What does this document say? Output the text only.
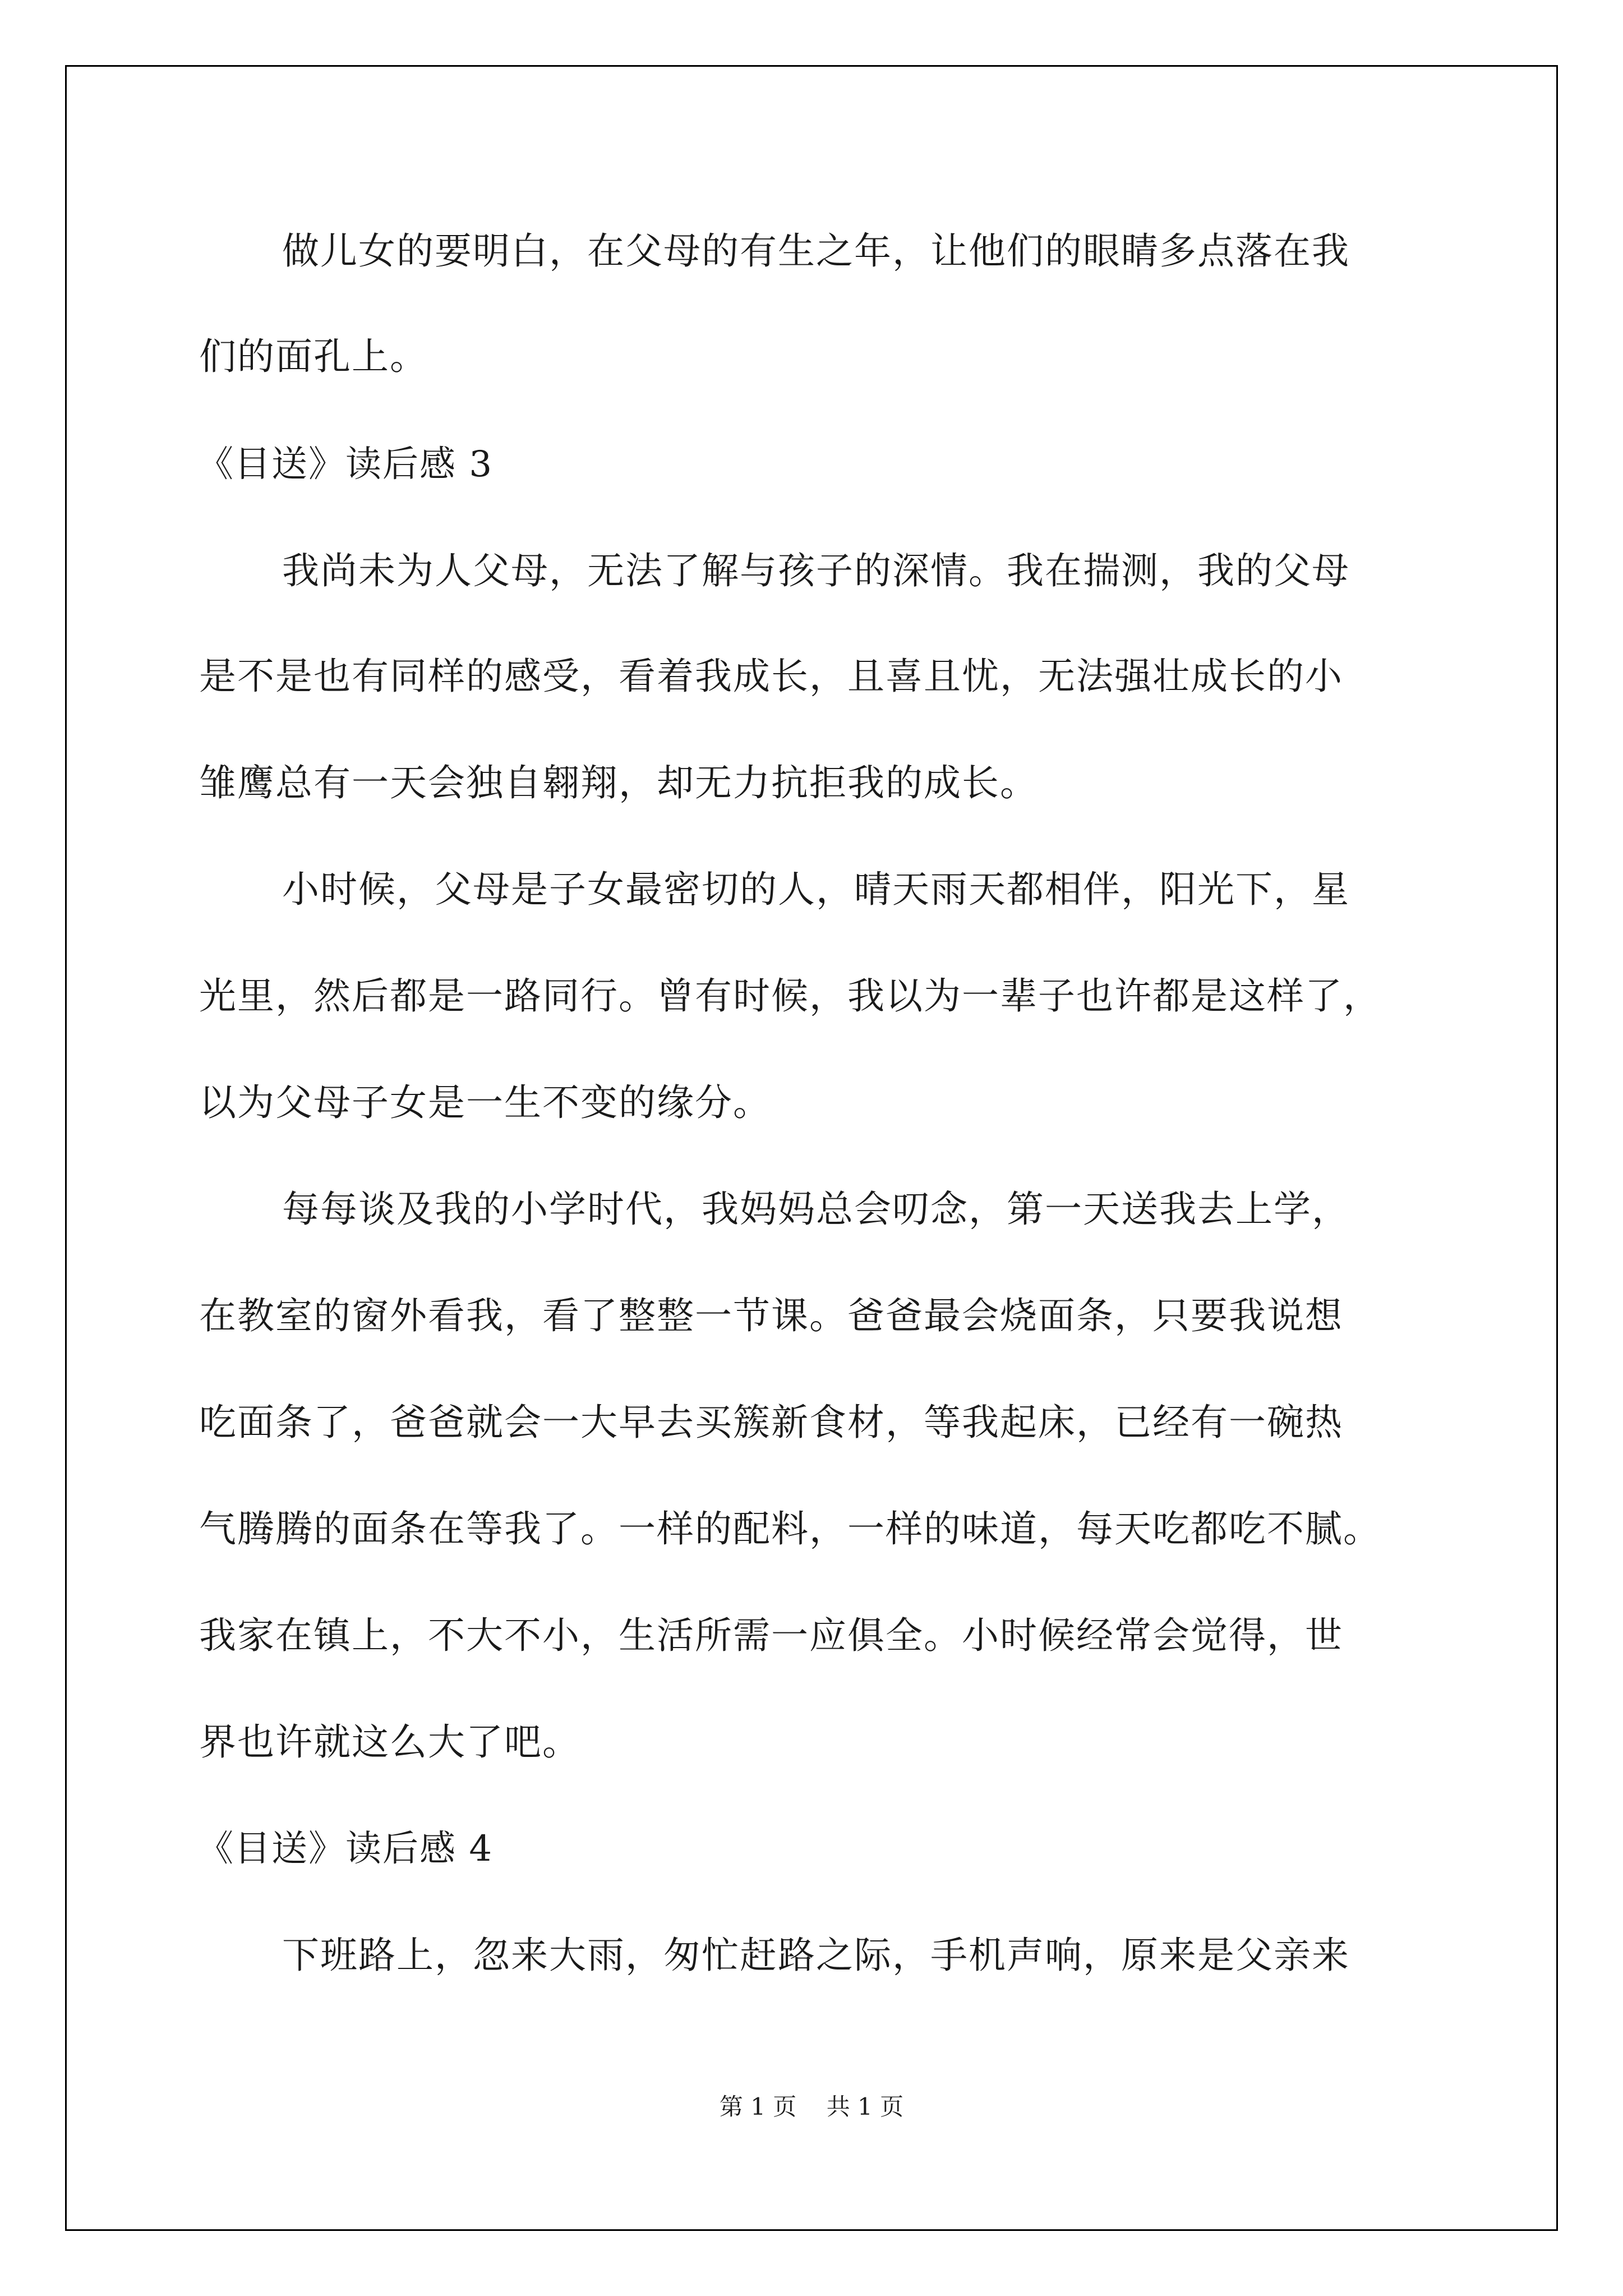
做儿女的要明白，在父母的有生之年，让他们的眼睛多点落在我
们的面孔上。
《目送》读后感 3
我尚未为人父母，无法了解与孩子的深情。我在揣测，我的父母
是不是也有同样的感受，看着我成长，且喜且忧，无法强壮成长的小
雏鹰总有一天会独自翱翔，却无力抗拒我的成长。
小时候，父母是子女最密切的人，晴天雨天都相伴，阳光下，星
光里，然后都是一路同行。曾有时候，我以为一辈子也许都是这样了，
以为父母子女是一生不变的缘分。
每每谈及我的小学时代，我妈妈总会叨念，第一天送我去上学，
在教室的窗外看我，看了整整一节课。爸爸最会烧面条，只要我说想
吃面条了，爸爸就会一大早去买簇新食材，等我起床，已经有一碗热
气腾腾的面条在等我了。一样的配料，一样的味道，每天吃都吃不腻。
我家在镇上，不大不小，生活所需一应俱全。小时候经常会觉得，世
界也许就这么大了吧。
《目送》读后感 4
下班路上，忽来大雨，匆忙赶路之际，手机声响，原来是父亲来
第 1 页    共 1 页
